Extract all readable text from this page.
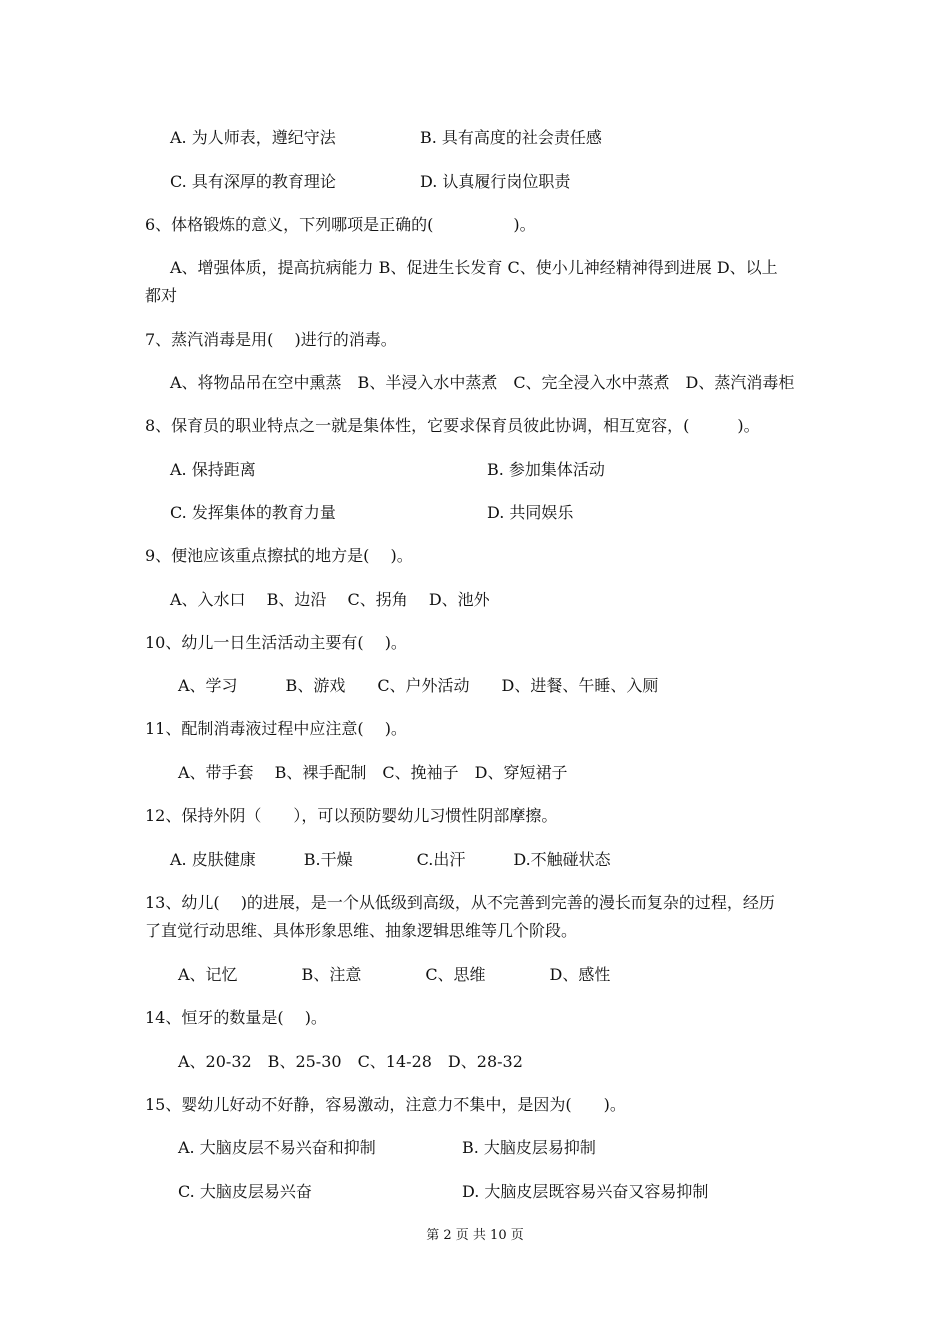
A. 为人师表，遵纪守法	B. 具有高度的社会责任感
C. 具有深厚的教育理论	D. 认真履行岗位职责
6、体格锻炼的意义，下列哪项是正确的(　　　　　)。
A、增强体质，提高抗病能力 B、促进生长发育 C、使小儿神经精神得到进展 D、以上
都对
7、蒸汽消毒是用(　 )进行的消毒。
A、将物品吊在空中熏蒸　B、半浸入水中蒸煮　C、完全浸入水中蒸煮　D、蒸汽消毒柜
8、保育员的职业特点之一就是集体性，它要求保育员彼此协调，相互宽容，(　　　)。
A. 保持距离	B. 参加集体活动
C. 发挥集体的教育力量	D. 共同娱乐
9、便池应该重点擦拭的地方是(　 )。
A、入水口　 B、边沿　 C、拐角　 D、池外
10、幼儿一日生活活动主要有(　 )。
A、学习　　　B、游戏　　C、户外活动　　D、进餐、午睡、入厕
11、配制消毒液过程中应注意(　 )。
A、带手套　 B、裸手配制　C、挽袖子　D、穿短裙子
12、保持外阴（　　），可以预防婴幼儿习惯性阴部摩擦。
A. 皮肤健康　　　B.干燥　　　　C.出汗　　　D.不触碰状态
13、幼儿(　 )的进展，是一个从低级到高级，从不完善到完善的漫长而复杂的过程，经历
了直觉行动思维、具体形象思维、抽象逻辑思维等几个阶段。
A、记忆　　　　B、注意　　　　C、思维　　　　D、感性
14、恒牙的数量是(　 )。
A、20-32　B、25-30　C、14-28　D、28-32
15、婴幼儿好动不好静，容易激动，注意力不集中，是因为(　　)。
A. 大脑皮层不易兴奋和抑制	B. 大脑皮层易抑制
C. 大脑皮层易兴奋	D. 大脑皮层既容易兴奋又容易抑制
第 2 页 共 10 页
